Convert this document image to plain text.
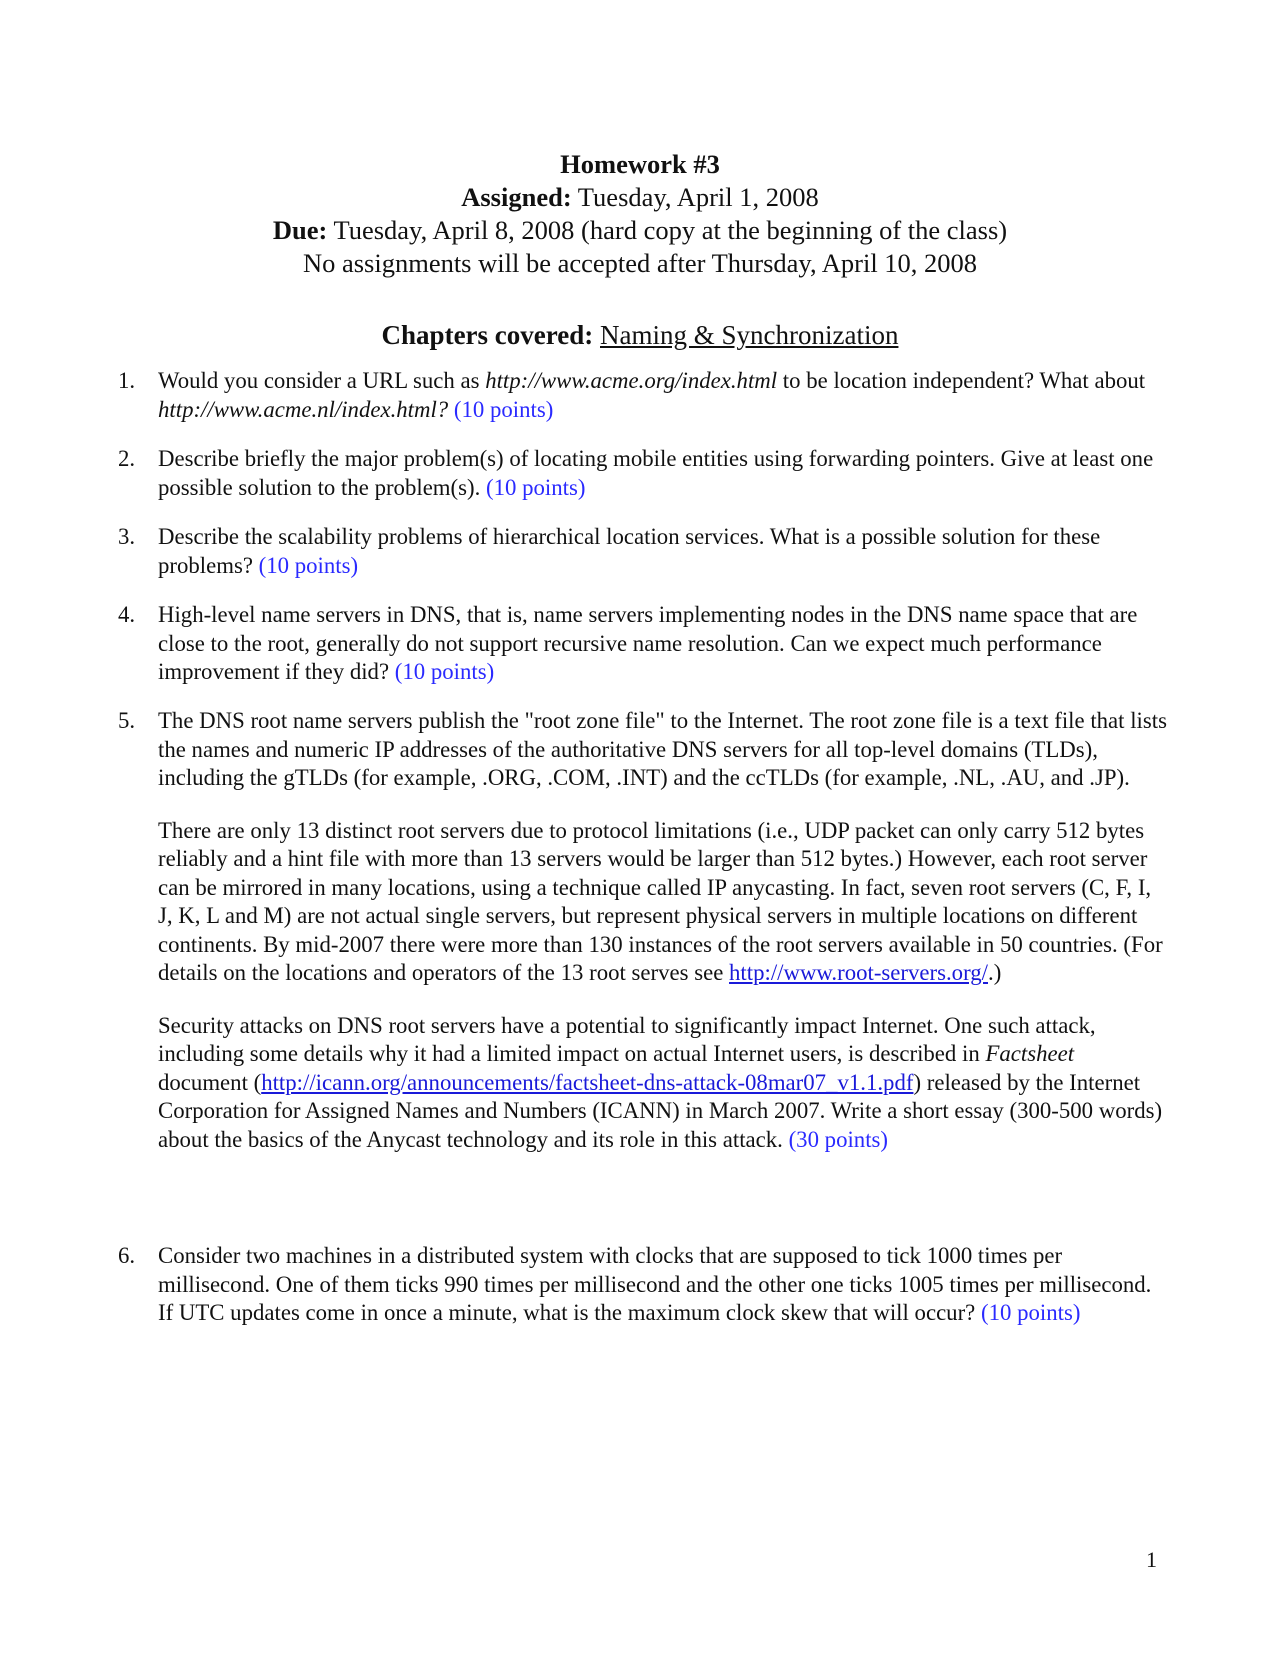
Homework #3
Assigned: Tuesday, April 1, 2008
Due: Tuesday, April 8, 2008 (hard copy at the beginning of the class)
No assignments will be accepted after Thursday, April 10, 2008
Chapters covered: Naming & Synchronization
1. Would you consider a URL such as http://www.acme.org/index.html to be location independent? What about http://www.acme.nl/index.html? (10 points)

2. Describe briefly the major problem(s) of locating mobile entities using forwarding pointers. Give at least one possible solution to the problem(s). (10 points)

3. Describe the scalability problems of hierarchical location services. What is a possible solution for these problems? (10 points)

4. High-level name servers in DNS, that is, name servers implementing nodes in the DNS name space that are close to the root, generally do not support recursive name resolution. Can we expect much performance improvement if they did? (10 points)

5. The DNS root name servers publish the "root zone file" to the Internet. The root zone file is a text file that lists the names and numeric IP addresses of the authoritative DNS servers for all top-level domains (TLDs), including the gTLDs (for example, .ORG, .COM, .INT) and the ccTLDs (for example, .NL, .AU, and .JP).

There are only 13 distinct root servers due to protocol limitations (i.e., UDP packet can only carry 512 bytes reliably and a hint file with more than 13 servers would be larger than 512 bytes.) However, each root server can be mirrored in many locations, using a technique called IP anycasting. In fact, seven root servers (C, F, I, J, K, L and M) are not actual single servers, but represent physical servers in multiple locations on different continents. By mid-2007 there were more than 130 instances of the root servers available in 50 countries. (For details on the locations and operators of the 13 root serves see http://www.root-servers.org/.)

Security attacks on DNS root servers have a potential to significantly impact Internet. One such attack, including some details why it had a limited impact on actual Internet users, is described in Factsheet document (http://icann.org/announcements/factsheet-dns-attack-08mar07_v1.1.pdf) released by the Internet Corporation for Assigned Names and Numbers (ICANN) in March 2007. Write a short essay (300-500 words) about the basics of the Anycast technology and its role in this attack. (30 points)

6. Consider two machines in a distributed system with clocks that are supposed to tick 1000 times per millisecond. One of them ticks 990 times per millisecond and the other one ticks 1005 times per millisecond. If UTC updates come in once a minute, what is the maximum clock skew that will occur? (10 points)

1
